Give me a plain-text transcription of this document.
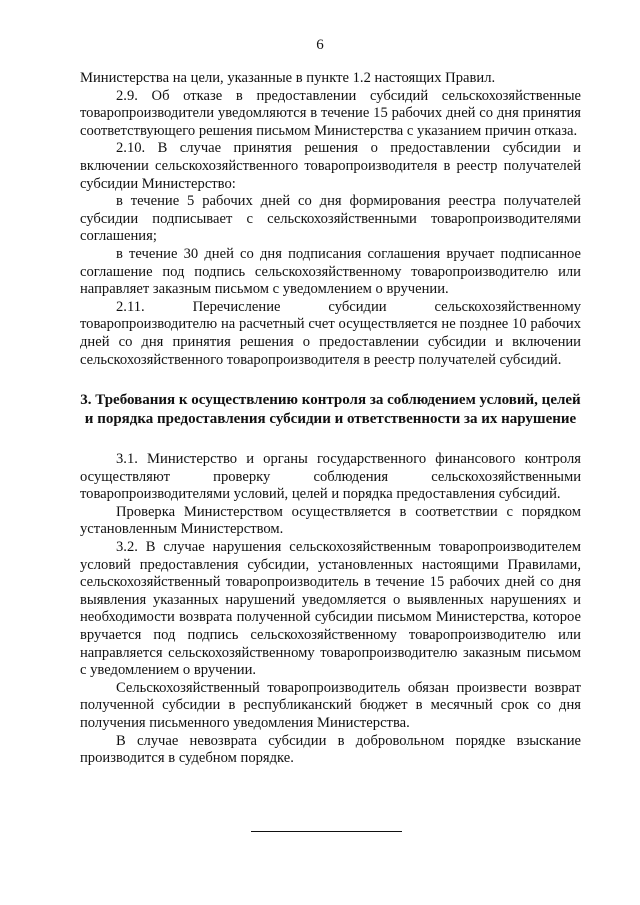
6

Министерства на цели, указанные в пункте 1.2 настоящих Правил.

2.9. Об отказе в предоставлении субсидий сельскохозяйственные товаропроизводители уведомляются в течение 15 рабочих дней со дня принятия соответствующего решения письмом Министерства с указанием причин отказа.

2.10. В случае принятия решения о предоставлении субсидии и включении сельскохозяйственного товаропроизводителя в реестр получателей субсидии Министерство:

в течение 5 рабочих дней со дня формирования реестра получателей субсидии подписывает с сельскохозяйственными товаропроизводителями соглашения;

в течение 30 дней со дня подписания соглашения вручает подписанное соглашение под подпись сельскохозяйственному товаропроизводителю или направляет заказным письмом с уведомлением о вручении.

2.11. Перечисление субсидии сельскохозяйственному товаропроизводителю на расчетный счет осуществляется не позднее 10 рабочих дней со дня принятия решения о предоставлении субсидии и включении сельскохозяйственного товаропроизводителя в реестр получателей субсидий.

3. Требования к осуществлению контроля за соблюдением условий, целей и порядка предоставления субсидии и ответственности за их нарушение

3.1. Министерство и органы государственного финансового контроля осуществляют проверку соблюдения сельскохозяйственными товаропроизводителями условий, целей и порядка предоставления субсидий.

Проверка Министерством осуществляется в соответствии с порядком установленным Министерством.

3.2. В случае нарушения сельскохозяйственным товаропроизводителем условий предоставления субсидии, установленных настоящими Правилами, сельскохозяйственный товаропроизводитель в течение 15 рабочих дней со дня выявления указанных нарушений уведомляется о выявленных нарушениях и необходимости возврата полученной субсидии письмом Министерства, которое вручается под подпись сельскохозяйственному товаропроизводителю или направляется сельскохозяйственному товаропроизводителю заказным письмом с уведомлением о вручении.

Сельскохозяйственный товаропроизводитель обязан произвести возврат полученной субсидии в республиканский бюджет в месячный срок со дня получения письменного уведомления Министерства.

В случае невозврата субсидии в добровольном порядке взыскание производится в судебном порядке.
